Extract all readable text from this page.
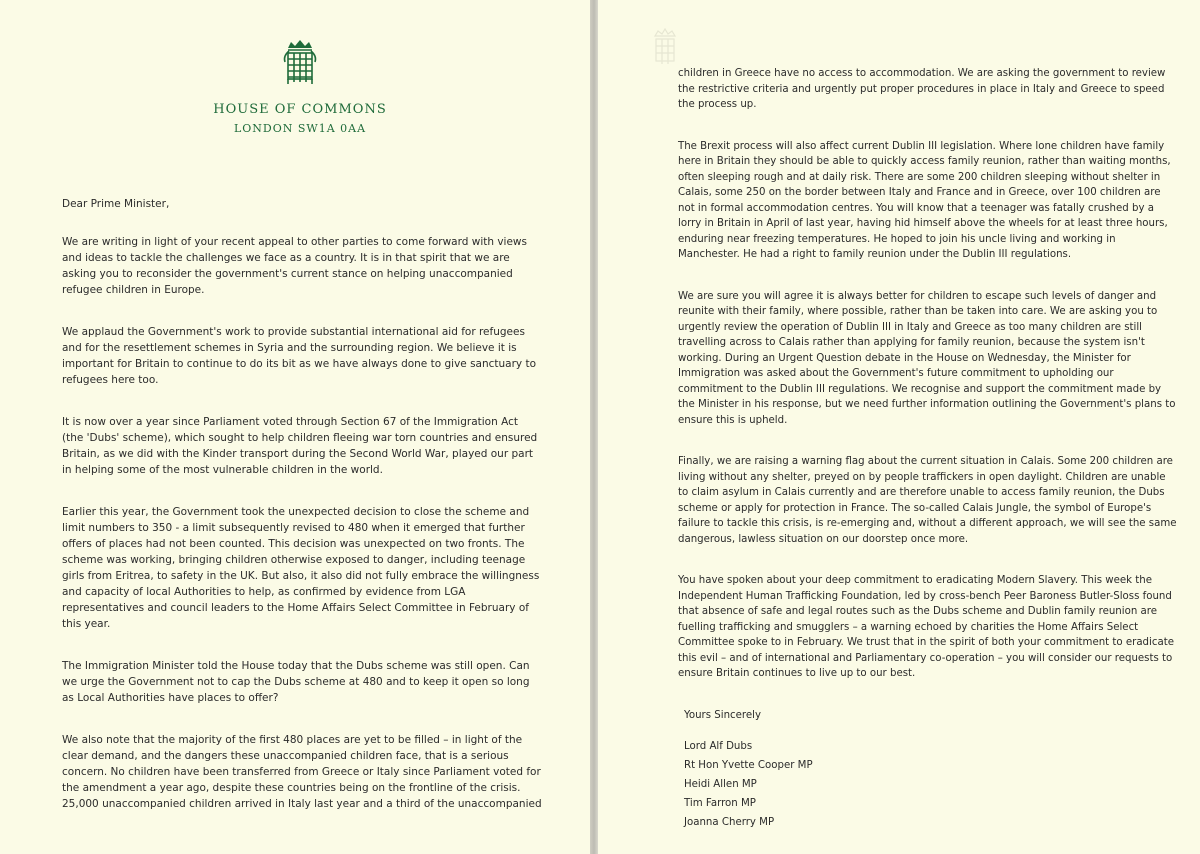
HOUSE OF COMMONS
LONDON SW1A 0AA

Dear Prime Minister,

We are writing in light of your recent appeal to other parties to come forward with views and ideas to tackle the challenges we face as a country. It is in that spirit that we are asking you to reconsider the government's current stance on helping unaccompanied refugee children in Europe.

We applaud the Government's work to provide substantial international aid for refugees and for the resettlement schemes in Syria and the surrounding region. We believe it is important for Britain to continue to do its bit as we have always done to give sanctuary to refugees here too.

It is now over a year since Parliament voted through Section 67 of the Immigration Act (the 'Dubs' scheme), which sought to help children fleeing war torn countries and ensured Britain, as we did with the Kinder transport during the Second World War, played our part in helping some of the most vulnerable children in the world.

Earlier this year, the Government took the unexpected decision to close the scheme and limit numbers to 350 - a limit subsequently revised to 480 when it emerged that further offers of places had not been counted. This decision was unexpected on two fronts. The scheme was working, bringing children otherwise exposed to danger, including teenage girls from Eritrea, to safety in the UK. But also, it also did not fully embrace the willingness and capacity of local Authorities to help, as confirmed by evidence from LGA representatives and council leaders to the Home Affairs Select Committee in February of this year.

The Immigration Minister told the House today that the Dubs scheme was still open. Can we urge the Government not to cap the Dubs scheme at 480 and to keep it open so long as Local Authorities have places to offer?

We also note that the majority of the first 480 places are yet to be filled – in light of the clear demand, and the dangers these unaccompanied children face, that is a serious concern. No children have been transferred from Greece or Italy since Parliament voted for the amendment a year ago, despite these countries being on the frontline of the crisis. 25,000 unaccompanied children arrived in Italy last year and a third of the unaccompanied

children in Greece have no access to accommodation. We are asking the government to review the restrictive criteria and urgently put proper procedures in place in Italy and Greece to speed the process up.

The Brexit process will also affect current Dublin III legislation. Where lone children have family here in Britain they should be able to quickly access family reunion, rather than waiting months, often sleeping rough and at daily risk. There are some 200 children sleeping without shelter in Calais, some 250 on the border between Italy and France and in Greece, over 100 children are not in formal accommodation centres. You will know that a teenager was fatally crushed by a lorry in Britain in April of last year, having hid himself above the wheels for at least three hours, enduring near freezing temperatures. He hoped to join his uncle living and working in Manchester. He had a right to family reunion under the Dublin III regulations.

We are sure you will agree it is always better for children to escape such levels of danger and reunite with their family, where possible, rather than be taken into care. We are asking you to urgently review the operation of Dublin III in Italy and Greece as too many children are still travelling across to Calais rather than applying for family reunion, because the system isn't working. During an Urgent Question debate in the House on Wednesday, the Minister for Immigration was asked about the Government's future commitment to upholding our commitment to the Dublin III regulations. We recognise and support the commitment made by the Minister in his response, but we need further information outlining the Government's plans to ensure this is upheld.

Finally, we are raising a warning flag about the current situation in Calais. Some 200 children are living without any shelter, preyed on by people traffickers in open daylight. Children are unable to claim asylum in Calais currently and are therefore unable to access family reunion, the Dubs scheme or apply for protection in France. The so-called Calais Jungle, the symbol of Europe's failure to tackle this crisis, is re-emerging and, without a different approach, we will see the same dangerous, lawless situation on our doorstep once more.

You have spoken about your deep commitment to eradicating Modern Slavery. This week the Independent Human Trafficking Foundation, led by cross-bench Peer Baroness Butler-Sloss found that absence of safe and legal routes such as the Dubs scheme and Dublin family reunion are fuelling trafficking and smugglers – a warning echoed by charities the Home Affairs Select Committee spoke to in February. We trust that in the spirit of both your commitment to eradicate this evil – and of international and Parliamentary co-operation – you will consider our requests to ensure Britain continues to live up to our best.

Yours Sincerely
Lord Alf Dubs
Rt Hon Yvette Cooper MP
Heidi Allen MP
Tim Farron MP
Joanna Cherry MP
